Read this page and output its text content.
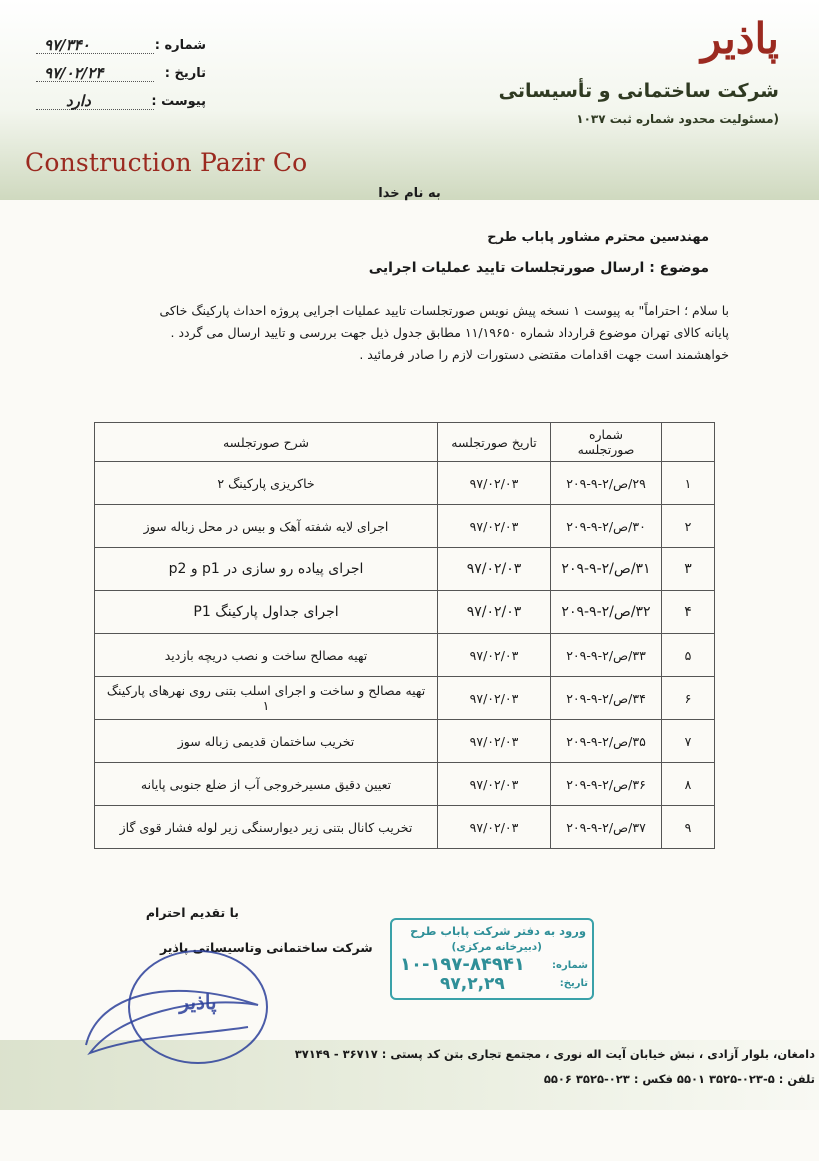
پاذیر
شرکت ساختمانی و تأسیساتی
(مسئولیت محدود شماره ثبت ۱۰۳۷
Construction Pazir Co
شماره :
۹۷/۳۴۰
تاریخ :
۹۷/۰۲/۲۴
پیوست :
دارد
به نام خدا
مهندسین محترم مشاور پاباب طرح
موضوع : ارسال صورتجلسات تایید عملیات اجرایی

با سلام ؛ احتراماً" به پیوست ۱ نسخه پیش نویس صورتجلسات تایید عملیات اجرایی پروژه احداث پارکینگ خاکی

پایانه کالای تهران موضوع قرارداد شماره ۱۱/۱۹۶۵۰ مطابق جدول ذیل جهت بررسی و تایید ارسال می گردد .

خواهشمند است جهت اقدامات مقتضی دستورات لازم را صادر فرمائید .

	شماره صورتجلسه	تاریخ صورتجلسه	شرح صورتجلسه
۱	۲۹/ص/۲-۹-۲۰۹	۹۷/۰۲/۰۳	خاکریزی پارکینگ ۲
۲	۳۰/ص/۲-۹-۲۰۹	۹۷/۰۲/۰۳	اجرای لایه شفته آهک و بیس در محل زباله سوز
۳	۳۱/ص/۲-۹-۲۰۹	۹۷/۰۲/۰۳	اجرای پیاده رو سازی در p1 و p2
۴	۳۲/ص/۲-۹-۲۰۹	۹۷/۰۲/۰۳	اجرای جداول پارکینگ P1
۵	۳۳/ص/۲-۹-۲۰۹	۹۷/۰۲/۰۳	تهیه مصالح ساخت و نصب دریچه بازدید
۶	۳۴/ص/۲-۹-۲۰۹	۹۷/۰۲/۰۳	تهیه مصالح و ساخت و اجرای اسلب بتنی روی نهرهای پارکینگ ۱
۷	۳۵/ص/۲-۹-۲۰۹	۹۷/۰۲/۰۳	تخریب ساختمان قدیمی زباله سوز
۸	۳۶/ص/۲-۹-۲۰۹	۹۷/۰۲/۰۳	تعیین دقیق مسیرخروجی آب از ضلع جنوبی پایانه
۹	۳۷/ص/۲-۹-۲۰۹	۹۷/۰۲/۰۳	تخریب کانال بتنی زیر دیوارسنگی زیر لوله فشار قوی گاز
با تقدیم احترام
شرکت ساختمانی وتاسیساتی پاذیر
پاذیر
ورود به دفتر شرکت پاباب طرح
(دبیرخانه مرکزی)
شماره:
۱۰-۱۹۷-۸۴۹۴۱
تاریخ:
۹۷,۲,۲۹
دامغان، بلوار آزادی ، نبش خیابان آیت اله نوری ، مجتمع تجاری بتن کد پستی : ۳۶۷۱۷ - ۳۷۱۴۹
تلفن : ۵-۰۲۳-۳۵۲۵ ۵۵۰۱ فکس : ۰۲۳-۳۵۲۵ ۵۵۰۶
